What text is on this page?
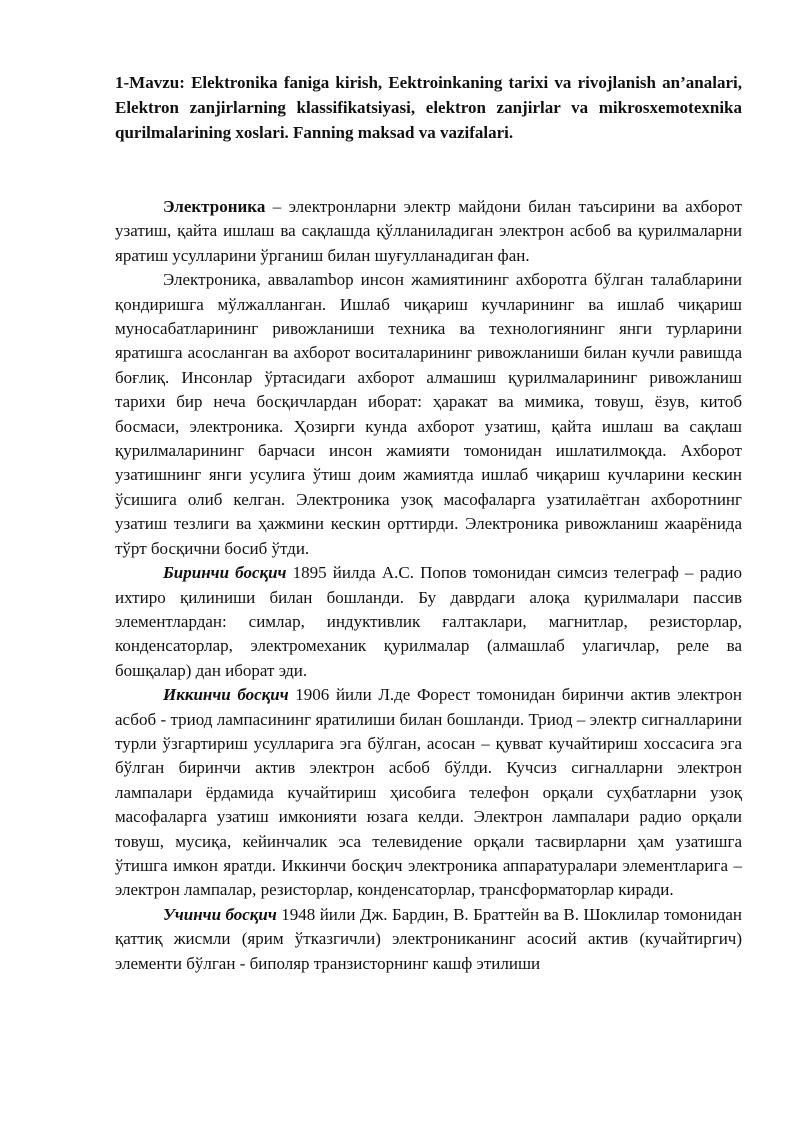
1-Mavzu: Elektronika faniga kirish, Eektroinkaning tarixi va rivojlanish an’analari, Elektron zanjirlarning klassifikatsiyasi, elektron zanjirlar va mikrosxemotexnika qurilmalarining xoslari. Fanning maksad va vazifalari.

Электроника – электронларни электр майдони билан таъсирини ва ахборот узатиш, қайта ишлаш ва сақлашда қўлланиладиган электрон асбоб ва қурилмаларни яратиш усулларини ўрганиш билан шуғулланадиган фан.

Электроника, аввалambор инсон жамиятининг ахборотга бўлган талабларини қондиришга мўлжалланган. Ишлаб чиқариш кучларининг ва ишлаб чиқариш муносабатларининг ривожланиши техника ва технологиянинг янги турларини яратишга асосланган ва ахборот воситаларининг ривожланиши билан кучли равишда боғлиқ. Инсонлар ўртасидаги ахборот алмашиш қурилмаларининг ривожланиш тарихи бир неча босқичлардан иборат: ҳаракат ва мимика, товуш, ёзув, китоб босмаси, электроника. Ҳозирги кунда ахборот узатиш, қайта ишлаш ва сақлаш қурилмаларининг барчаси инсон жамияти томонидан ишлатилмоқда. Ахборот узатишнинг янги усулига ўтиш доим жамиятда ишлаб чиқариш кучларини кескин ўсишига олиб келган. Электроника узоқ масофаларга узатилаётган ахборотнинг узатиш тезлиги ва ҳажмини кескин орттирди. Электроника ривожланиш жаарёнида тўрт босқични босиб ўтди.

Биринчи босқич 1895 йилда А.С. Попов томонидан симсиз телеграф – радио ихтиро қилиниши билан бошланди. Бу даврдаги алоқа қурилмалари пассив элементлардан: симлар, индуктивлик ғалтаклари, магнитлар, резисторлар, конденсаторлар, электромеханик қурилмалар (алмашлаб улагичлар, реле ва бошқалар) дан иборат эди.

Иккинчи босқич 1906 йили Л.де Форест томонидан биринчи актив электрон асбоб - триод лампасининг яратилиши билан бошланди. Триод – электр сигналларини турли ўзгартириш усулларига эга бўлган, асосан – қувват кучайтириш хоссасига эга бўлган биринчи актив электрон асбоб бўлди. Кучсиз сигналларни электрон лампалари ёрдамида кучайтириш ҳисобига телефон орқали суҳбатларни узоқ масофаларга узатиш имконияти юзага келди. Электрон лампалари радио орқали товуш, мусиқа, кейинчалик эса телевидение орқали тасвирларни ҳам узатишга ўтишга имкон яратди. Иккинчи босқич электроника аппаратуралари элементларига – электрон лампалар, резисторлар, конденсаторлар, трансформаторлар киради.

Учинчи босқич 1948 йили Дж. Бардин, В. Браттейн ва В. Шоклилар томонидан қаттиқ жисмли (ярим ўтказгичли) электрониканинг асосий актив (кучайтиргич) элементи бўлган - биполяр транзисторнинг кашф этилиши
